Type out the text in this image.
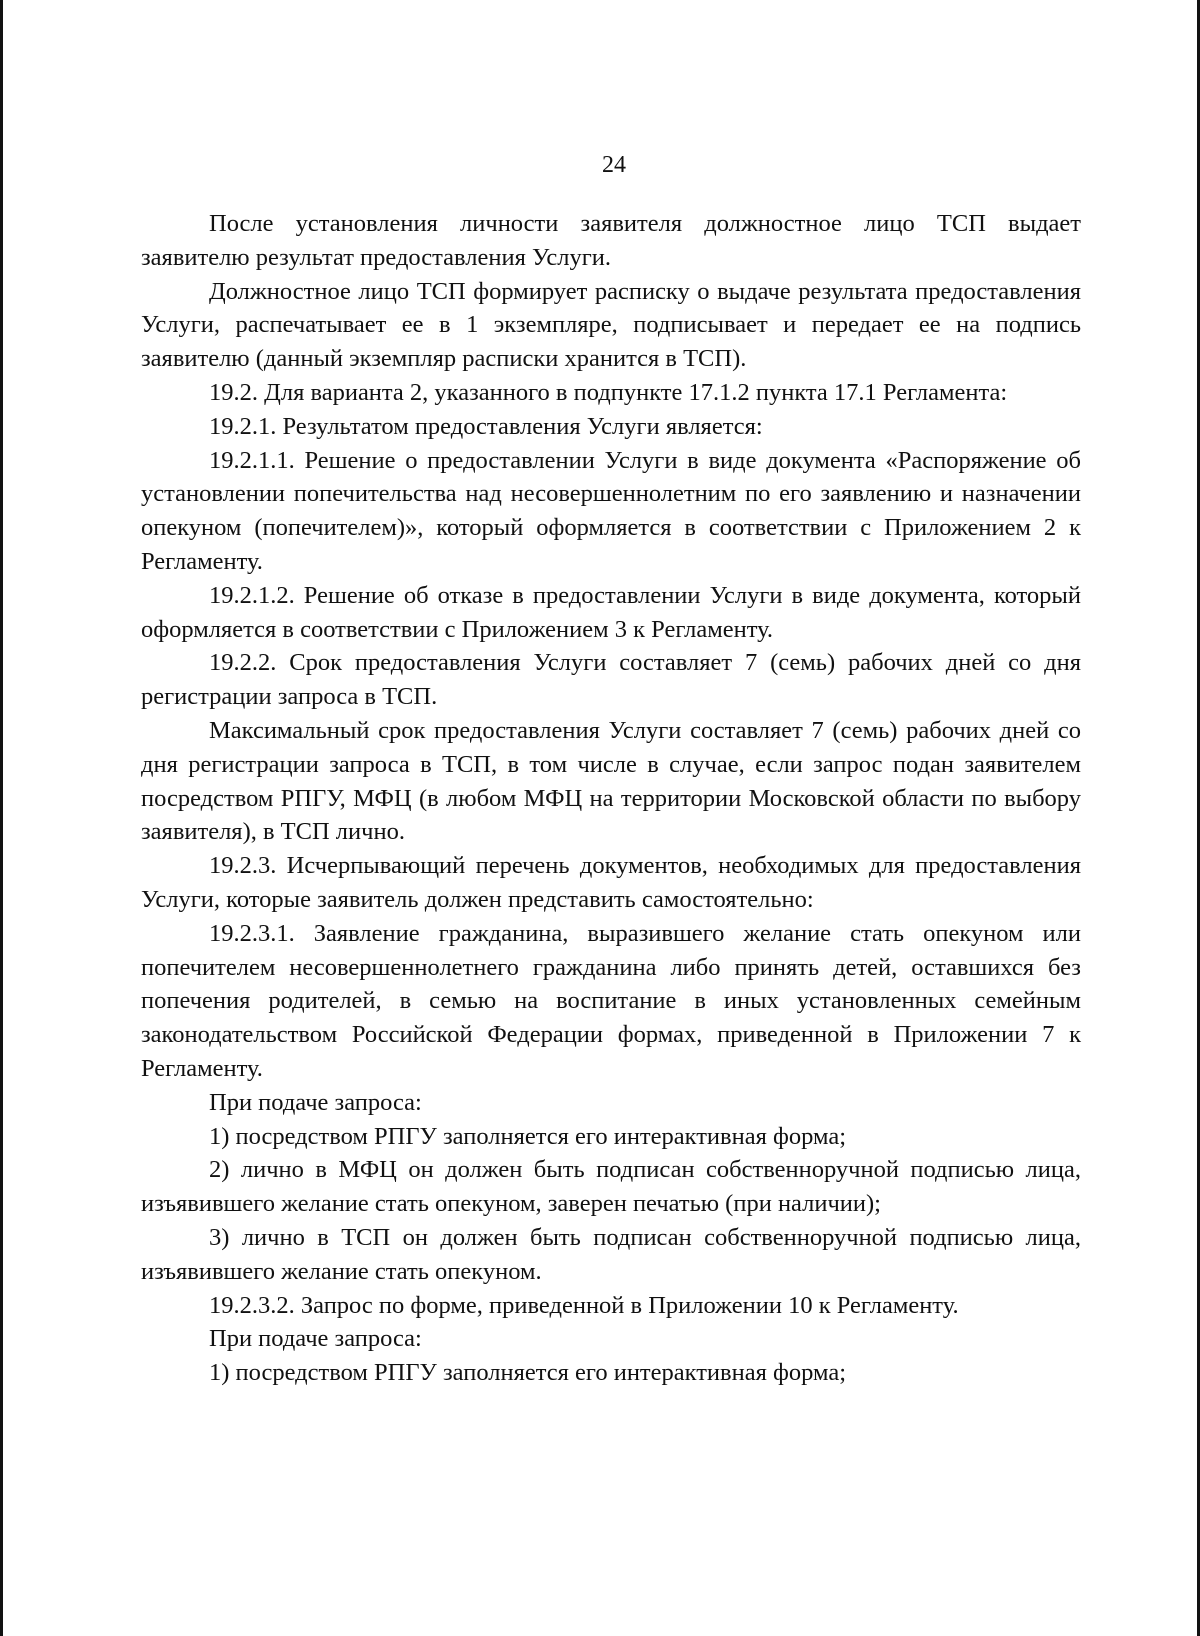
24

После установления личности заявителя должностное лицо ТСП выдает заявителю результат предоставления Услуги.

Должностное лицо ТСП формирует расписку о выдаче результата предоставления Услуги, распечатывает ее в 1 экземпляре, подписывает и передает ее на подпись заявителю (данный экземпляр расписки хранится в ТСП).

19.2. Для варианта 2, указанного в подпункте 17.1.2 пункта 17.1 Регламента:

19.2.1. Результатом предоставления Услуги является:

19.2.1.1. Решение о предоставлении Услуги в виде документа «Распоряжение об установлении попечительства над несовершеннолетним по его заявлению и назначении опекуном (попечителем)», который оформляется в соответствии с Приложением 2 к Регламенту.

19.2.1.2. Решение об отказе в предоставлении Услуги в виде документа, который оформляется в соответствии с Приложением 3 к Регламенту.

19.2.2. Срок предоставления Услуги составляет 7 (семь) рабочих дней со дня регистрации запроса в ТСП.

Максимальный срок предоставления Услуги составляет 7 (семь) рабочих дней со дня регистрации запроса в ТСП, в том числе в случае, если запрос подан заявителем посредством РПГУ, МФЦ (в любом МФЦ на территории Московской области по выбору заявителя), в ТСП лично.

19.2.3. Исчерпывающий перечень документов, необходимых для предоставления Услуги, которые заявитель должен представить самостоятельно:

19.2.3.1. Заявление гражданина, выразившего желание стать опекуном или попечителем несовершеннолетнего гражданина либо принять детей, оставшихся без попечения родителей, в семью на воспитание в иных установленных семейным законодательством Российской Федерации формах, приведенной в Приложении 7 к Регламенту.

При подаче запроса:

1) посредством РПГУ заполняется его интерактивная форма;

2) лично в МФЦ он должен быть подписан собственноручной подписью лица, изъявившего желание стать опекуном, заверен печатью (при наличии);

3) лично в ТСП он должен быть подписан собственноручной подписью лица, изъявившего желание стать опекуном.

19.2.3.2. Запрос по форме, приведенной в Приложении 10 к Регламенту.

При подаче запроса:

1) посредством РПГУ заполняется его интерактивная форма;
